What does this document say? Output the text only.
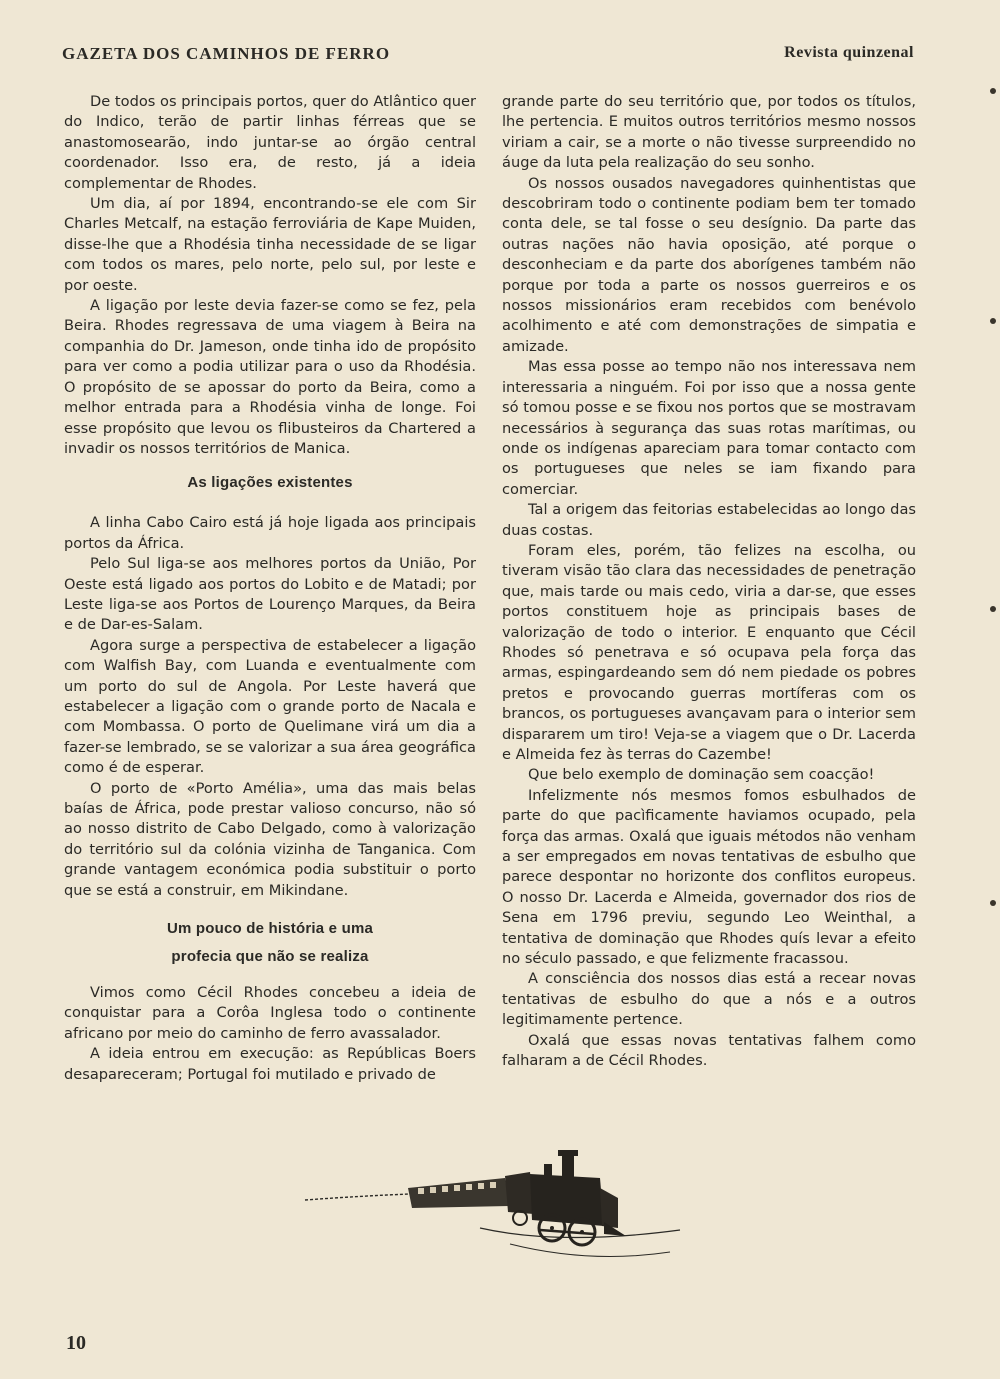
GAZETA DOS CAMINHOS DE FERRO	Revista quinzenal

De todos os principais portos, quer do Atlântico quer do Indico, terão de partir linhas férreas que se anastomosearão, indo juntar-se ao órgão central coordenador. Isso era, de resto, já a ideia complementar de Rhodes.

Um dia, aí por 1894, encontrando-se ele com Sir Charles Metcalf, na estação ferroviária de Kape Muiden, disse-lhe que a Rhodésia tinha necessidade de se ligar com todos os mares, pelo norte, pelo sul, por leste e por oeste.

A ligação por leste devia fazer-se como se fez, pela Beira. Rhodes regressava de uma viagem à Beira na companhia do Dr. Jameson, onde tinha ido de propósito para ver como a podia utilizar para o uso da Rhodésia. O propósito de se apossar do porto da Beira, como a melhor entrada para a Rhodésia vinha de longe. Foi esse propósito que levou os flibusteiros da Chartered a invadir os nossos territórios de Manica.

As ligações existentes

A linha Cabo Cairo está já hoje ligada aos principais portos da África.

Pelo Sul liga-se aos melhores portos da União, Por Oeste está ligado aos portos do Lobito e de Matadi; por Leste liga-se aos Portos de Lourenço Marques, da Beira e de Dar-es-Salam.

Agora surge a perspectiva de estabelecer a ligação com Walfish Bay, com Luanda e eventualmente com um porto do sul de Angola. Por Leste haverá que estabelecer a ligação com o grande porto de Nacala e com Mombassa. O porto de Quelimane virá um dia a fazer-se lembrado, se se valorizar a sua área geográfica como é de esperar.

O porto de «Porto Amélia», uma das mais belas baías de África, pode prestar valioso concurso, não só ao nosso distrito de Cabo Delgado, como à valorização do território sul da colónia vizinha de Tanganica. Com grande vantagem económica podia substituir o porto que se está a construir, em Mikindane.

Um pouco de história e uma
profecia que não se realiza

Vimos como Cécil Rhodes concebeu a ideia de conquistar para a Corôa Inglesa todo o continente africano por meio do caminho de ferro avassalador.

A ideia entrou em execução: as Repúblicas Boers desapareceram; Portugal foi mutilado e privado de

grande parte do seu território que, por todos os títulos, lhe pertencia. E muitos outros territórios mesmo nossos viriam a cair, se a morte o não tivesse surpreendido no áuge da luta pela realização do seu sonho.

Os nossos ousados navegadores quinhentistas que descobriram todo o continente podiam bem ter tomado conta dele, se tal fosse o seu desígnio. Da parte das outras nações não havia oposição, até porque o desconheciam e da parte dos aborígenes também não porque por toda a parte os nossos guerreiros e os nossos missionários eram recebidos com benévolo acolhimento e até com demonstrações de simpatia e amizade.

Mas essa posse ao tempo não nos interessava nem interessaria a ninguém. Foi por isso que a nossa gente só tomou posse e se fixou nos portos que se mostravam necessários à segurança das suas rotas marítimas, ou onde os indígenas apareciam para tomar contacto com os portugueses que neles se iam fixando para comerciar.

Tal a origem das feitorias estabelecidas ao longo das duas costas.

Foram eles, porém, tão felizes na escolha, ou tiveram visão tão clara das necessidades de penetração que, mais tarde ou mais cedo, viria a dar-se, que esses portos constituem hoje as principais bases de valorização de todo o interior. E enquanto que Cécil Rhodes só penetrava e só ocupava pela força das armas, espingardeando sem dó nem piedade os pobres pretos e provocando guerras mortíferas com os brancos, os portugueses avançavam para o interior sem dispararem um tiro! Veja-se a viagem que o Dr. Lacerda e Almeida fez às terras do Cazembe!

Que belo exemplo de dominação sem coacção!

Infelizmente nós mesmos fomos esbulhados de parte do que pacìficamente haviamos ocupado, pela força das armas. Oxalá que iguais métodos não venham a ser empregados em novas tentativas de esbulho que parece despontar no horizonte dos conflitos europeus. O nosso Dr. Lacerda e Almeida, governador dos rios de Sena em 1796 previu, segundo Leo Weinthal, a tentativa de dominação que Rhodes quís levar a efeito no século passado, e que felizmente fracassou.

A consciência dos nossos dias está a recear novas tentativas de esbulho do que a nós e a outros legitimamente pertence.

Oxalá que essas novas tentativas falhem como falharam a de Cécil Rhodes.

10
